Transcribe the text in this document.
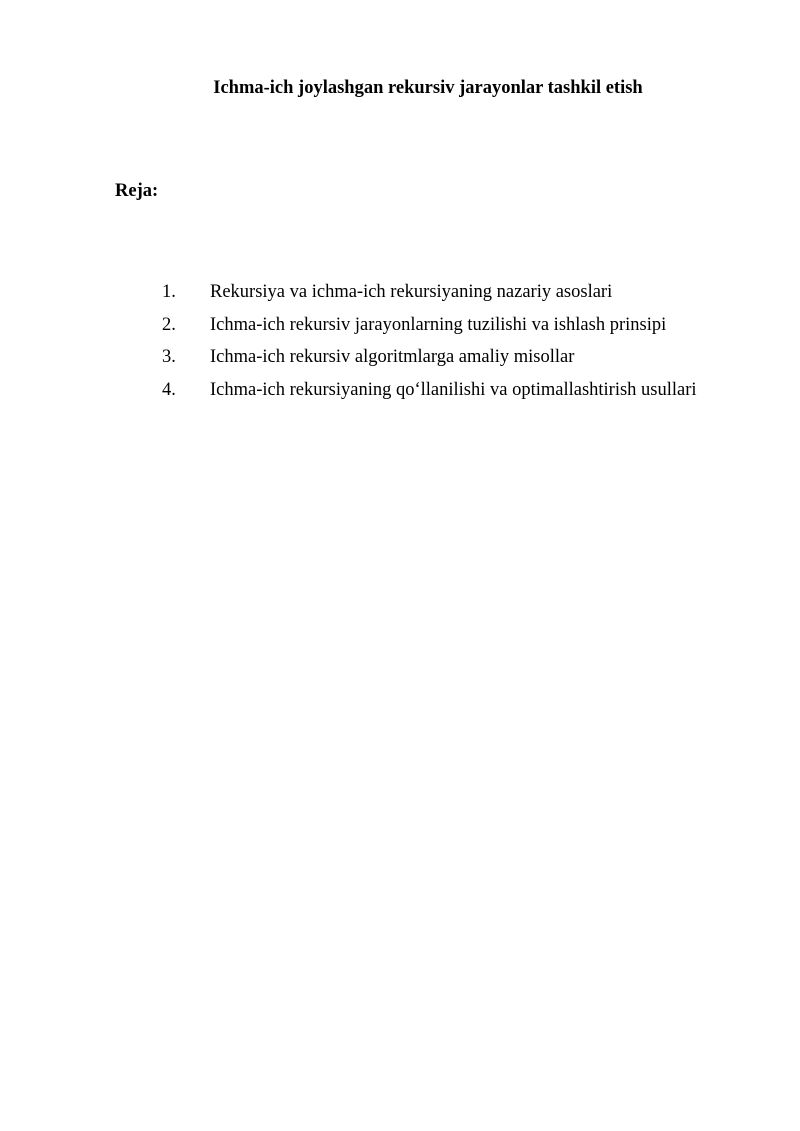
Ichma-ich joylashgan rekursiv jarayonlar tashkil etish
Reja:
1. Rekursiya va ichma-ich rekursiyaning nazariy asoslari
2. Ichma-ich rekursiv jarayonlarning tuzilishi va ishlash prinsipi
3. Ichma-ich rekursiv algoritmlarga amaliy misollar
4. Ichma-ich rekursiyaning qo‘llanilishi va optimallashtirish usullari
